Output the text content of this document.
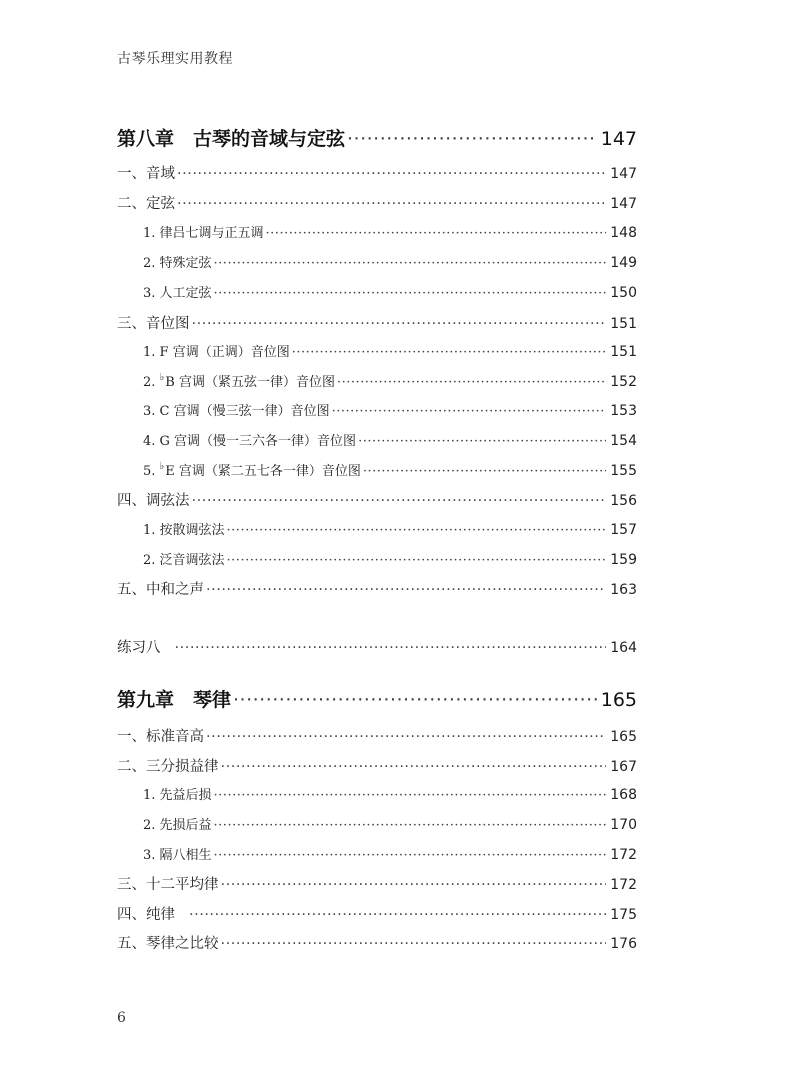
古琴乐理实用教程
第八章　古琴的音域与定弦 ·····	147
一、音域 ·····	147
二、定弦 ·····	147
1. 律吕七调与正五调 ·····	148
2. 特殊定弦 ·····	149
3. 人工定弦 ·····	150
三、音位图 ·····	151
1. F 宫调（正调）音位图 ·····	151
2. ♭B 宫调（紧五弦一律）音位图 ·····	152
3. C 宫调（慢三弦一律）音位图 ·····	153
4. G 宫调（慢一三六各一律）音位图 ·····	154
5. ♭E 宫调（紧二五七各一律）音位图 ·····	155
四、调弦法 ·····	156
1. 按散调弦法 ·····	157
2. 泛音调弦法 ·····	159
五、中和之声 ·····	163
练习八 ·····	164
第九章　琴律 ·····	165
一、标准音高 ·····	165
二、三分损益律 ·····	167
1. 先益后损 ·····	168
2. 先损后益 ·····	170
3. 隔八相生 ·····	172
三、十二平均律 ·····	172
四、纯律 ·····	175
五、琴律之比较 ·····	176
6
